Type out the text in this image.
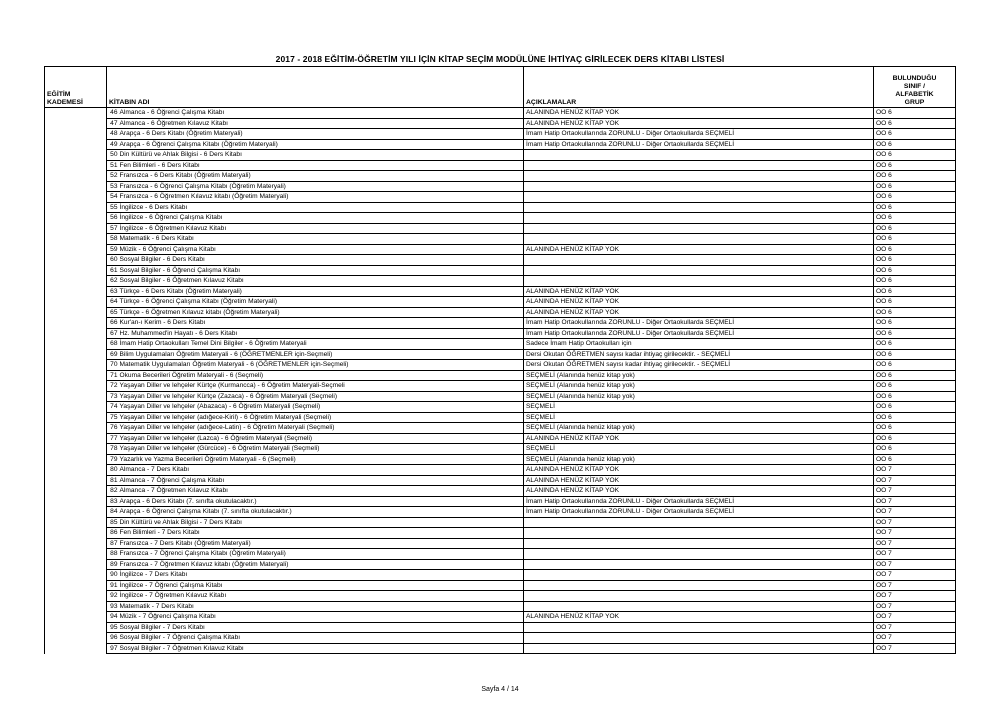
2017 - 2018 EĞİTİM-ÖĞRETİM YILI İÇİN KİTAP SEÇİM MODÜLÜNE İHTİYAÇ GİRİLECEK DERS KİTABI LİSTESİ
EĞİTİM
KADEMESİ	KİTABIN ADI		AÇIKLAMALAR	BULUNDUĞU
SINIF /
ALFABETİK
GRUP
	46	Almanca - 6 Öğrenci Çalışma Kitabı	ALANINDA HENÜZ KİTAP YOK	OO 6
	47	Almanca - 6 Öğretmen Kılavuz Kitabı	ALANINDA HENÜZ KİTAP YOK	OO 6
	48	Arapça - 6 Ders Kitabı (Öğretim Materyali)	İmam Hatip Ortaokullarında ZORUNLU - Diğer Ortaokullarda SEÇMELİ	OO 6
	49	Arapça - 6 Öğrenci Çalışma Kitabı (Öğretim Materyali)	İmam Hatip Ortaokullarında ZORUNLU - Diğer Ortaokullarda SEÇMELİ	OO 6
	50	Din Kültürü ve Ahlak Bilgisi - 6 Ders Kitabı		OO 6
	51	Fen Bilimleri - 6 Ders Kitabı		OO 6
	52	Fransızca - 6 Ders Kitabı (Öğretim Materyali)		OO 6
	53	Fransızca - 6 Öğrenci Çalışma Kitabı (Öğretim Materyali)		OO 6
	54	Fransızca - 6 Öğretmen Kılavuz kitabı (Öğretim Materyali)		OO 6
	55	İngilizce - 6 Ders Kitabı		OO 6
	56	İngilizce - 6 Öğrenci Çalışma Kitabı		OO 6
	57	İngilizce - 6 Öğretmen Kılavuz Kitabı		OO 6
	58	Matematik - 6 Ders Kitabı		OO 6
	59	Müzik - 6 Öğrenci Çalışma Kitabı	ALANINDA HENÜZ KİTAP YOK	OO 6
	60	Sosyal Bilgiler - 6 Ders Kitabı		OO 6
	61	Sosyal Bilgiler - 6 Öğrenci Çalışma Kitabı		OO 6
	62	Sosyal Bilgiler - 6 Öğretmen Kılavuz Kitabı		OO 6
	63	Türkçe - 6 Ders Kitabı (Öğretim Materyali)	ALANINDA HENÜZ KİTAP YOK	OO 6
	64	Türkçe - 6 Öğrenci Çalışma Kitabı (Öğretim Materyali)	ALANINDA HENÜZ KİTAP YOK	OO 6
	65	Türkçe - 6 Öğretmen Kılavuz kitabı (Öğretim Materyali)	ALANINDA HENÜZ KİTAP YOK	OO 6
	66	Kur'an-ı Kerim - 6 Ders Kitabı	İmam Hatip Ortaokullarında ZORUNLU - Diğer Ortaokullarda SEÇMELİ	OO 6
	67	Hz. Muhammed'in Hayatı - 6 Ders Kitabı	İmam Hatip Ortaokullarında ZORUNLU - Diğer Ortaokullarda SEÇMELİ	OO 6
	68	İmam Hatip Ortaokulları Temel Dini Bilgiler - 6 Öğretim Materyali	Sadece İmam Hatip Ortaokulları için	OO 6
	69	Bilim Uygulamaları Öğretim Materyali - 6 (ÖĞRETMENLER için-Seçmeli)	Dersi Okutan ÖĞRETMEN sayısı kadar ihtiyaç girilecektir. - SEÇMELİ	OO 6
	70	Matematik Uygulamaları Öğretim Materyali - 6 (ÖĞRETMENLER için-Seçmeli)	Dersi Okutan ÖĞRETMEN sayısı kadar ihtiyaç girilecektir. - SEÇMELİ	OO 6
	71	Okuma Becerileri Öğretim Materyali - 6 (Seçmeli)	SEÇMELİ (Alanında henüz kitap yok)	OO 6
	72	Yaşayan Diller ve lehçeler Kürtçe (Kurmancca) - 6 Öğretim Materyali-Seçmeli	SEÇMELİ (Alanında henüz kitap yok)	OO 6
	73	Yaşayan Diller ve lehçeler Kürtçe (Zazaca) - 6 Öğretim Materyali (Seçmeli)	SEÇMELİ (Alanında henüz kitap yok)	OO 6
	74	Yaşayan Diller ve lehçeler (Abazaca) - 6 Öğretim Materyali (Seçmeli)	SEÇMELİ	OO 6
	75	Yaşayan Diller ve lehçeler (adığece-Kiril) - 6 Öğretim Materyali (Seçmeli)	SEÇMELİ	OO 6
	76	Yaşayan Diller ve lehçeler (adığece-Latin) - 6 Öğretim Materyali (Seçmeli)	SEÇMELİ (Alanında henüz kitap yok)	OO 6
	77	Yaşayan Diller ve lehçeler (Lazca) - 6 Öğretim Materyali (Seçmeli)	ALANINDA HENÜZ KİTAP YOK	OO 6
	78	Yaşayan Diller ve lehçeler (Gürcüce) - 6 Öğretim Materyali (Seçmeli)	SEÇMELİ	OO 6
	79	Yazarlık ve Yazma Becerileri Öğretim Materyali - 6 (Seçmeli)	SEÇMELİ (Alanında henüz kitap yok)	OO 6
	80	Almanca - 7 Ders Kitabı	ALANINDA HENÜZ KİTAP YOK	OO 7
	81	Almanca - 7 Öğrenci Çalışma Kitabı	ALANINDA HENÜZ KİTAP YOK	OO 7
	82	Almanca - 7 Öğretmen Kılavuz Kitabı	ALANINDA HENÜZ KİTAP YOK	OO 7
	83	Arapça - 6 Ders Kitabı (7. sınıfta okutulacaktır.)	İmam Hatip Ortaokullarında ZORUNLU - Diğer Ortaokullarda SEÇMELİ	OO 7
	84	Arapça - 6 Öğrenci Çalışma Kitabı (7. sınıfta okutulacaktır.)	İmam Hatip Ortaokullarında ZORUNLU - Diğer Ortaokullarda SEÇMELİ	OO 7
	85	Din Kültürü ve Ahlak Bilgisi - 7 Ders Kitabı		OO 7
	86	Fen Bilimleri - 7 Ders Kitabı		OO 7
	87	Fransızca - 7 Ders Kitabı (Öğretim Materyali)		OO 7
	88	Fransızca - 7 Öğrenci Çalışma Kitabı (Öğretim Materyali)		OO 7
	89	Fransızca - 7 Öğretmen Kılavuz kitabı (Öğretim Materyali)		OO 7
	90	İngilizce - 7 Ders Kitabı		OO 7
	91	İngilizce - 7 Öğrenci Çalışma Kitabı		OO 7
	92	İngilizce - 7 Öğretmen Kılavuz Kitabı		OO 7
	93	Matematik - 7 Ders Kitabı		OO 7
	94	Müzik - 7 Öğrenci Çalışma Kitabı	ALANINDA HENÜZ KİTAP YOK	OO 7
	95	Sosyal Bilgiler - 7 Ders Kitabı		OO 7
	96	Sosyal Bilgiler - 7 Öğrenci Çalışma Kitabı		OO 7
	97	Sosyal Bilgiler - 7 Öğretmen Kılavuz Kitabı		OO 7
Sayfa 4 / 14
